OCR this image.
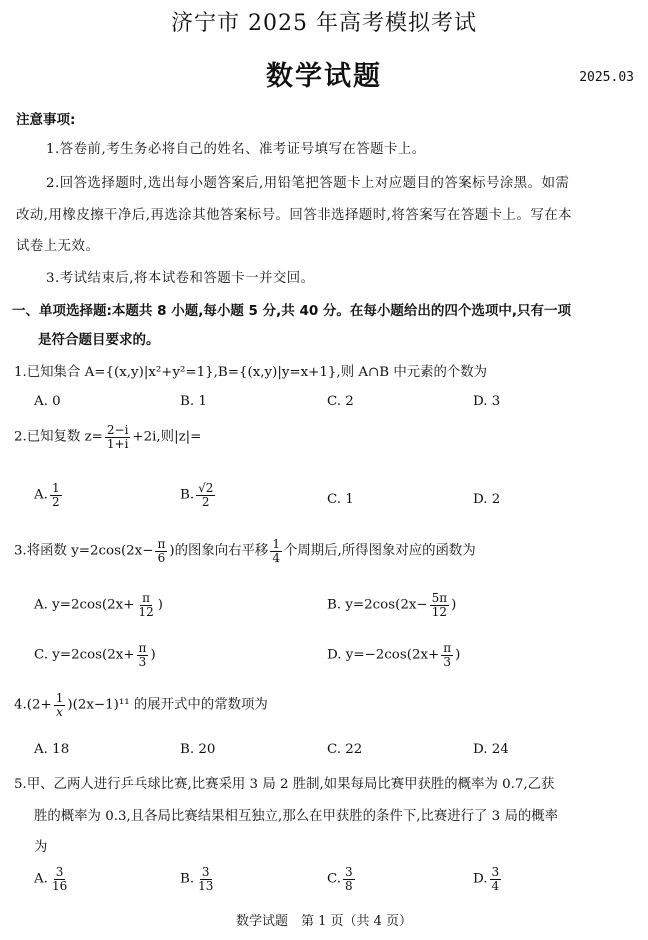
济宁市 2025 年高考模拟考试
数学试题	2025.03
注意事项:
1.答卷前,考生务必将自己的姓名、准考证号填写在答题卡上。
2.回答选择题时,选出每小题答案后,用铅笔把答题卡上对应题目的答案标号涂黑。如需
改动,用橡皮擦干净后,再选涂其他答案标号。回答非选择题时,将答案写在答题卡上。写在本
试卷上无效。
3.考试结束后,将本试卷和答题卡一并交回。
一、单项选择题:本题共 8 小题,每小题 5 分,共 40 分。在每小题给出的四个选项中,只有一项
是符合题目要求的。
1.已知集合 A={(x,y)|x²+y²=1},B={(x,y)|y=x+1},则 A∩B 中元素的个数为
A. 0	B. 1	C. 2	D. 3
2.已知复数 $z= \frac{2-i}{1+i} +2i$,则|z|=
A. $\frac{1}{2}$	B. $\frac{√2}{2}$	C. 1	D. 2
3.将函数 $y=2\cos(2x- \frac{\pi}{6}$ )的图象向右平移 $\frac{1}{4}$ 个周期后,所得图象对应的函数为
A. $y=2\cos(2x+ \frac{\pi}{12}$ )	B. $y=2\cos(2x- \frac{5\pi}{12}$ )
C. $y=2\cos(2x+ \frac{\pi}{3}$ )	D. $y=-2\cos(2x+ \frac{\pi}{3}$ )
$4.(2+ \frac{1}{x} )(2x-1)^{11}$ 的展开式中的常数项为
A. 18	B. 20	C. 22	D. 24
5.甲、乙两人进行乒乓球比赛,比赛采用 3 局 2 胜制,如果每局比赛甲获胜的概率为 0.7,乙获
胜的概率为 0.3,且各局比赛结果相互独立,那么在甲获胜的条件下,比赛进行了 3 局的概率
为
A. $\frac{3}{16}$	B. $\frac{3}{13}$	C. $\frac{3}{8}$	D. $\frac{3}{4}$
数学试题　第 1 页（共 4 页）
